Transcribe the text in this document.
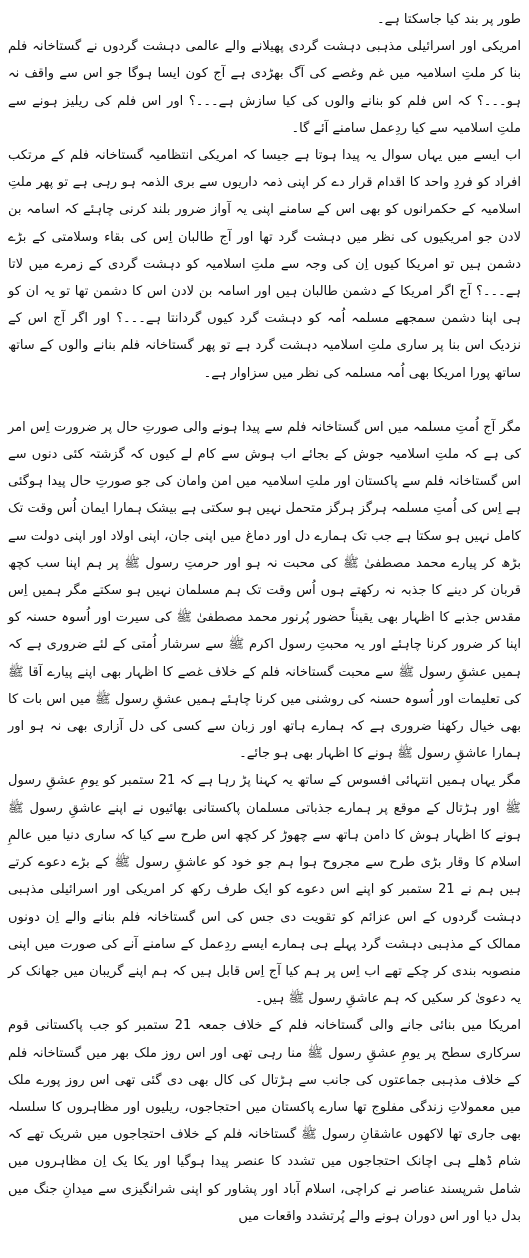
طور پر بند کیا جاسکتا ہے۔

امریکی اور اسرائیلی مذہبی دہشت گردی پھیلانے والے عالمی دہشت گردوں نے گستاخانہ فلم بنا کر ملتِ اسلامیہ میں غم وغصے کی آگ بھڑدی ہے آج کون ایسا ہوگا جو اس سے واقف نہ ہو۔۔۔؟ کہ اس فلم کو بنانے والوں کی کیا سازش ہے۔۔۔؟ اور اس فلم کی ریلیز ہونے سے ملتِ اسلامیہ سے کیا ردِعمل سامنے آئے گا۔

اب ایسے میں یہاں سوال یہ پیدا ہوتا ہے جیسا کہ امریکی انتظامیہ گستاخانہ فلم کے مرتکب افراد کو فردِ واحد کا اقدام قرار دے کر اپنی ذمہ داریوں سے بری الذمہ ہو رہی ہے تو پھر ملتِ اسلامیہ کے حکمرانوں کو بھی اس کے سامنے اپنی یہ آواز ضرور بلند کرنی چاہئے کہ اسامہ بن لادن جو امریکیوں کی نظر میں دہشت گرد تھا اور آج طالبان اِس کی بقاء وسلامتی کے بڑے دشمن ہیں تو امریکا کیوں اِن کی وجہ سے ملتِ اسلامیہ کو دہشت گردی کے زمرے میں لاتا ہے۔۔۔؟ آج اگر امریکا کے دشمن طالبان ہیں اور اسامہ بن لادن اس کا دشمن تھا تو یہ ان کو ہی اپنا دشمن سمجھے مسلمہ اُمہ کو دہشت گرد کیوں گردانتا ہے۔۔۔؟ اور اگر آج اس کے نزدیک اس بنا پر ساری ملتِ اسلامیہ دہشت گرد ہے تو پھر گستاخانہ فلم بنانے والوں کے ساتھ ساتھ پورا امریکا بھی اُمہ مسلمہ کی نظر میں سزاوار ہے۔

مگر آج اُمتِ مسلمہ میں اس گستاخانہ فلم سے پیدا ہونے والی صورتِ حال پر ضرورت اِس امر کی ہے کہ ملتِ اسلامیہ جوش کے بجائے اب ہوش سے کام لے کیوں کہ گزشتہ کئی دنوں سے اس گستاخانہ فلم سے پاکستان اور ملتِ اسلامیہ میں امن وامان کی جو صورتِ حال پیدا ہوگئی ہے اِس کی اُمتِ مسلمہ ہرگز ہرگز متحمل نہیں ہو سکتی ہے بیشک ہمارا ایمان اُس وقت تک کامل نہیں ہو سکتا ہے جب تک ہمارے دل اور دماغ میں اپنی جان، اپنی اولاد اور اپنی دولت سے بڑھ کر پیارے محمد مصطفیٰ ﷺ کی محبت نہ ہو اور حرمتِ رسول ﷺ پر ہم اپنا سب کچھ قربان کر دینے کا جذبہ نہ رکھتے ہوں اُس وقت تک ہم مسلمان نہیں ہو سکتے مگر ہمیں اِس مقدس جذبے کا اظہار بھی یقیناً حضور پُرنور محمد مصطفیٰ ﷺ کی سیرت اور اُسوہ حسنہ کو اپنا کر ضرور کرنا چاہئے اور یہ محبتِ رسول اکرم ﷺ سے سرشار اُمتی کے لئے ضروری ہے کہ ہمیں عشقِ رسول ﷺ سے محبت گستاخانہ فلم کے خلاف غصے کا اظہار بھی اپنے پیارے آقا ﷺ کی تعلیمات اور اُسوہ حسنہ کی روشنی میں کرنا چاہئے ہمیں عشقِ رسول ﷺ میں اس بات کا بھی خیال رکھنا ضروری ہے کہ ہمارے ہاتھ اور زبان سے کسی کی دل آزاری بھی نہ ہو اور ہمارا عاشقِ رسول ﷺ ہونے کا اظہار بھی ہو جائے۔

مگر یہاں ہمیں انتہائی افسوس کے ساتھ یہ کہنا پڑ رہا ہے کہ 21 ستمبر کو یومِ عشقِ رسول ﷺ اور ہڑتال کے موقع پر ہمارے جذباتی مسلمان پاکستانی بھائیوں نے اپنے عاشقِ رسول ﷺ ہونے کا اظہار ہوش کا دامن ہاتھ سے چھوڑ کر کچھ اس طرح سے کیا کہ ساری دنیا میں عالمِ اسلام کا وقار بڑی طرح سے مجروح ہوا ہم جو خود کو عاشقِ رسول ﷺ کے بڑے دعوے کرتے ہیں ہم نے 21 ستمبر کو اپنے اس دعوے کو ایک طرف رکھ کر امریکی اور اسرائیلی مذہبی دہشت گردوں کے اس عزائم کو تقویت دی جس کی اس گستاخانہ فلم بنانے والے اِن دونوں ممالک کے مذہبی دہشت گرد پہلے ہی ہمارے ایسے ردِعمل کے سامنے آنے کی صورت میں اپنی منصوبہ بندی کر چکے تھے اب اِس پر ہم کیا آج اِس قابل ہیں کہ ہم اپنے گریبان میں جھانک کر یہ دعویٰ کر سکیں کہ ہم عاشقِ رسول ﷺ ہیں۔

امریکا میں بنائی جانے والی گستاخانہ فلم کے خلاف جمعہ 21 ستمبر کو جب پاکستانی قوم سرکاری سطح پر یومِ عشقِ رسول ﷺ منا رہی تھی اور اس روز ملک بھر میں گستاخانہ فلم کے خلاف مذہبی جماعتوں کی جانب سے ہڑتال کی کال بھی دی گئی تھی اس روز پورے ملک میں معمولاتِ زندگی مفلوج تھا سارے پاکستان میں احتجاجوں، ریلیوں اور مظاہروں کا سلسلہ بھی جاری تھا لاکھوں عاشقانِ رسول ﷺ گستاخانہ فلم کے خلاف احتجاجوں میں شریک تھے کہ شام ڈھلے ہی اچانک احتجاجوں میں تشدد کا عنصر پیدا ہوگیا اور یکا یک اِن مظاہروں میں شامل شرپسند عناصر نے کراچی، اسلام آباد اور پشاور کو اپنی شرانگیزی سے میدانِ جنگ میں بدل دیا اور اس دوران ہونے والے پُرتشدد واقعات میں
